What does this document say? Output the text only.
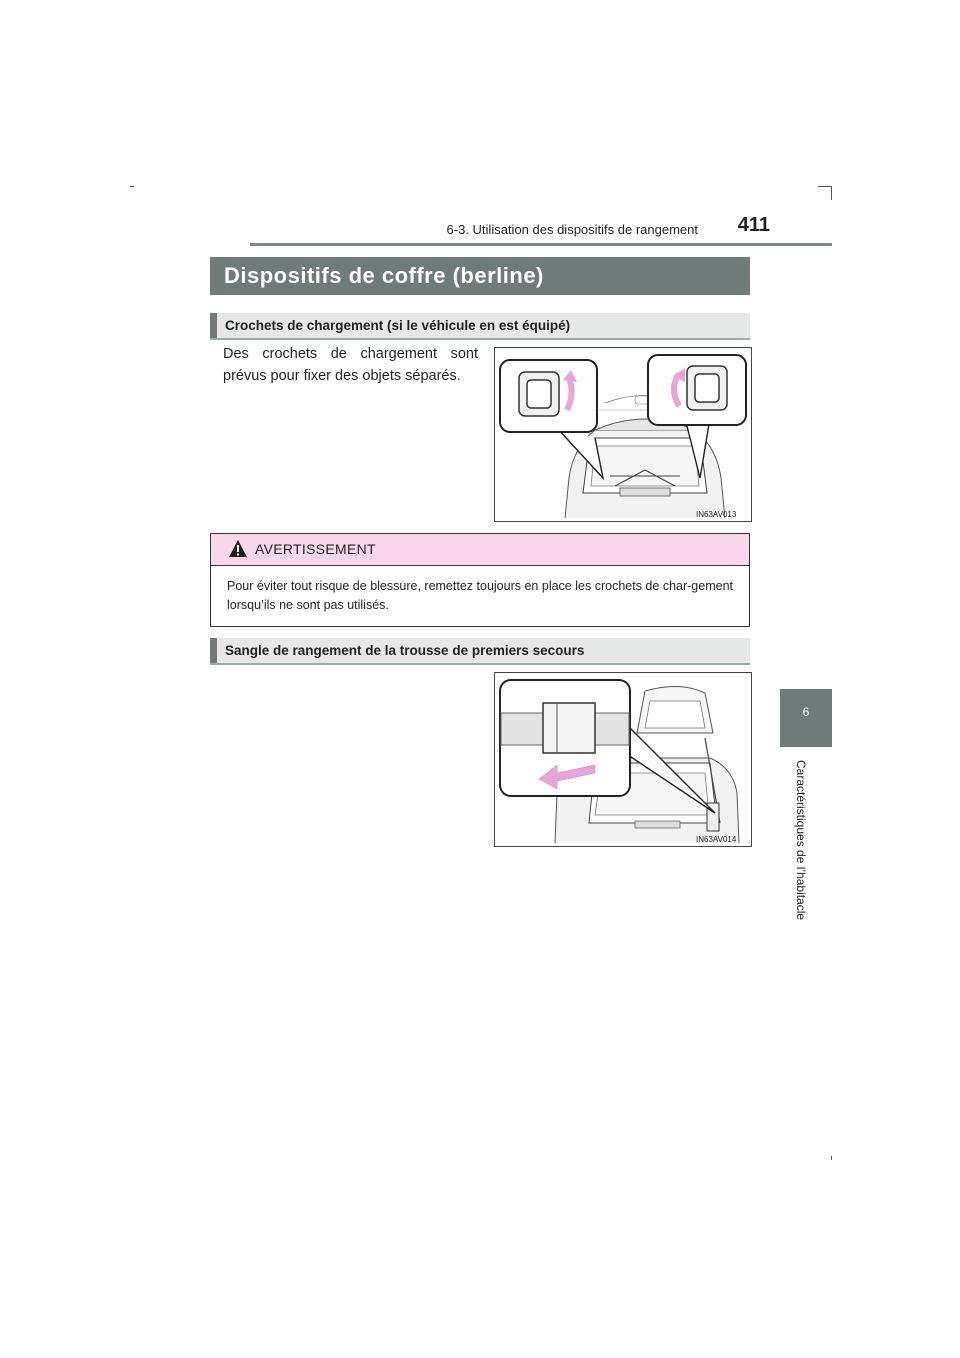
6-3. Utilisation des dispositifs de rangement 411
6
Caractéristiques de l’habitacle
Dispositifs de coffre (berline)
Crochets de chargement (si le véhicule en est équipé)
Des crochets de chargement sont prévus pour fixer des objets séparés.
IN63AV013
AVERTISSEMENT
Pour éviter tout risque de blessure, remettez toujours en place les crochets de char-gement lorsqu’ils ne sont pas utilisés.
Sangle de rangement de la trousse de premiers secours
IN63AV014
